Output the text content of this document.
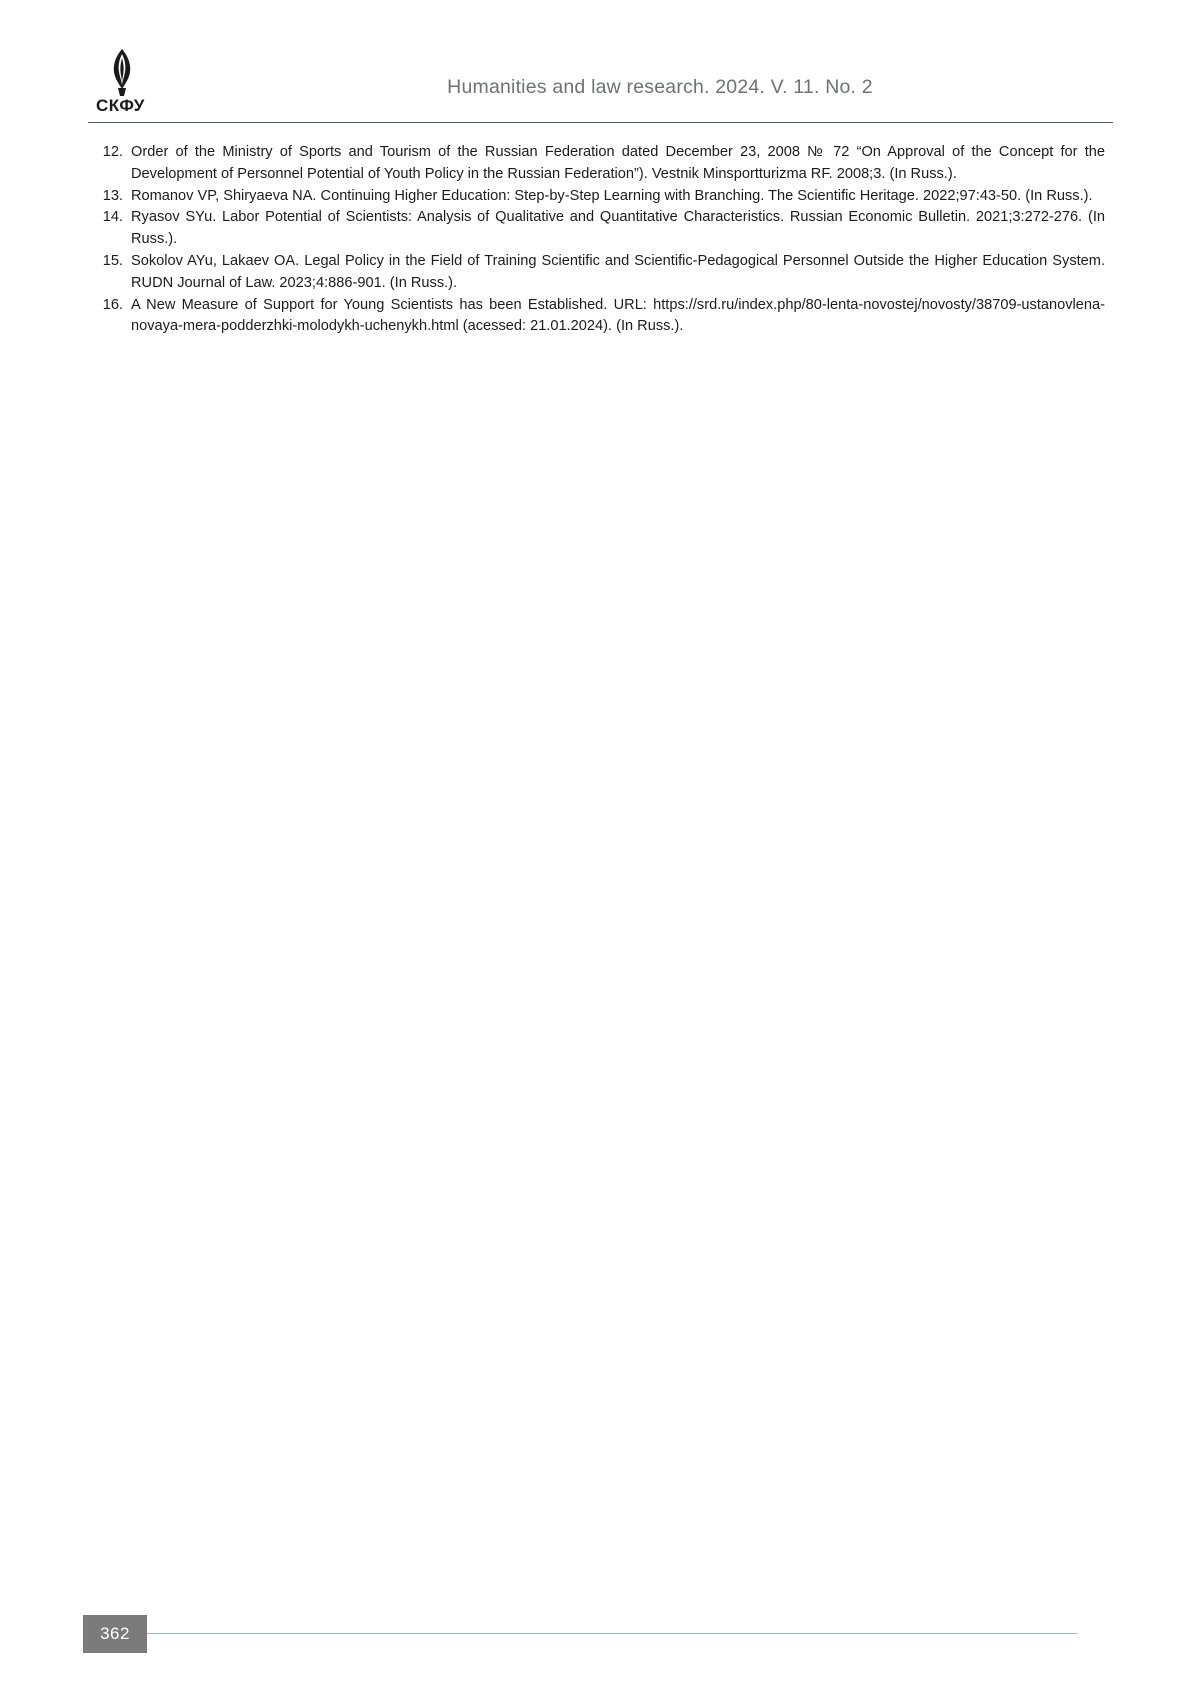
СКФУ
Humanities and law research. 2024. V. 11. No. 2
12. Order of the Ministry of Sports and Tourism of the Russian Federation dated December 23, 2008 № 72 “On Approval of the Concept for the Development of Personnel Potential of Youth Policy in the Russian Federation”). Vestnik Minsportturizma RF. 2008;3. (In Russ.).
13. Romanov VP, Shiryaeva NA. Continuing Higher Education: Step-by-Step Learning with Branching. The Scientific Heritage. 2022;97:43-50. (In Russ.).
14. Ryasov SYu. Labor Potential of Scientists: Analysis of Qualitative and Quantitative Characteristics. Russian Economic Bulletin. 2021;3:272-276. (In Russ.).
15. Sokolov AYu, Lakaev OA. Legal Policy in the Field of Training Scientific and Scientific-Pedagogical Personnel Outside the Higher Education System. RUDN Journal of Law. 2023;4:886-901. (In Russ.).
16. A New Measure of Support for Young Scientists has been Established. URL: https://srd.ru/index.php/80-lenta-novostej/novosty/38709-ustanovlena-novaya-mera-podderzhki-molodykh-uchenykh.html (acessed: 21.01.2024). (In Russ.).
362
